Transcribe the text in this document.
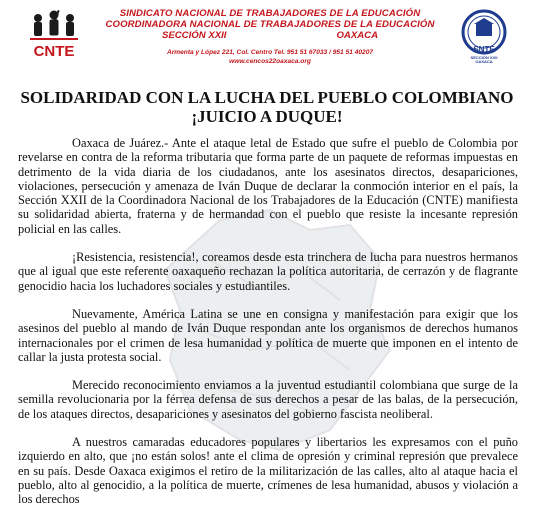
CNTE
SINDICATO NACIONAL DE TRABAJADORES DE LA EDUCACIÓN
COORDINADORA NACIONAL DE TRABAJADORES DE LA EDUCACIÓN
SECCIÓN XXII	OAXACA
Armenta y López 221, Col. Centro Tel. 951 51 67033 / 951 51 40207
www.cencos22oaxaca.org
SNTE
SECCIÓN XXII
OAXACA
SOLIDARIDAD CON LA LUCHA DEL PUEBLO COLOMBIANO
¡JUICIO A DUQUE!

Oaxaca de Juárez.- Ante el ataque letal de Estado que sufre el pueblo de Colombia por revelarse en contra de la reforma tributaria que forma parte de un paquete de reformas impuestas en detrimento de la vida diaria de los ciudadanos, ante los asesinatos directos, desapariciones, violaciones, persecución y amenaza de Iván Duque de declarar la conmoción interior en el país, la Sección XXII de la Coordinadora Nacional de los Trabajadores de la Educación (CNTE) manifiesta su solidaridad abierta, fraterna y de hermandad con el pueblo que resiste la incesante represión policial en las calles.

¡Resistencia, resistencia!, coreamos desde esta trinchera de lucha para nuestros hermanos que al igual que este referente oaxaqueño rechazan la política autoritaria, de cerrazón y de flagrante genocidio hacia los luchadores sociales y estudiantiles.

Nuevamente, América Latina se une en consigna y manifestación para exigir que los asesinos del pueblo al mando de Iván Duque respondan ante los organismos de derechos humanos internacionales por el crimen de lesa humanidad y política de muerte que imponen en el intento de callar la justa protesta social.

Merecido reconocimiento enviamos a la juventud estudiantil colombiana que surge de la semilla revolucionaria por la férrea defensa de sus derechos a pesar de las balas, de la persecución, de los ataques directos, desapariciones y asesinatos del gobierno fascista neoliberal.

A nuestros camaradas educadores populares y libertarios les expresamos con el puño izquierdo en alto, que ¡no están solos! ante el clima de opresión y criminal represión que prevalece en su país. Desde Oaxaca exigimos el retiro de la militarización de las calles, alto al ataque hacia el pueblo, alto al genocidio, a la política de muerte, crímenes de lesa humanidad, abusos y violación a los derechos
